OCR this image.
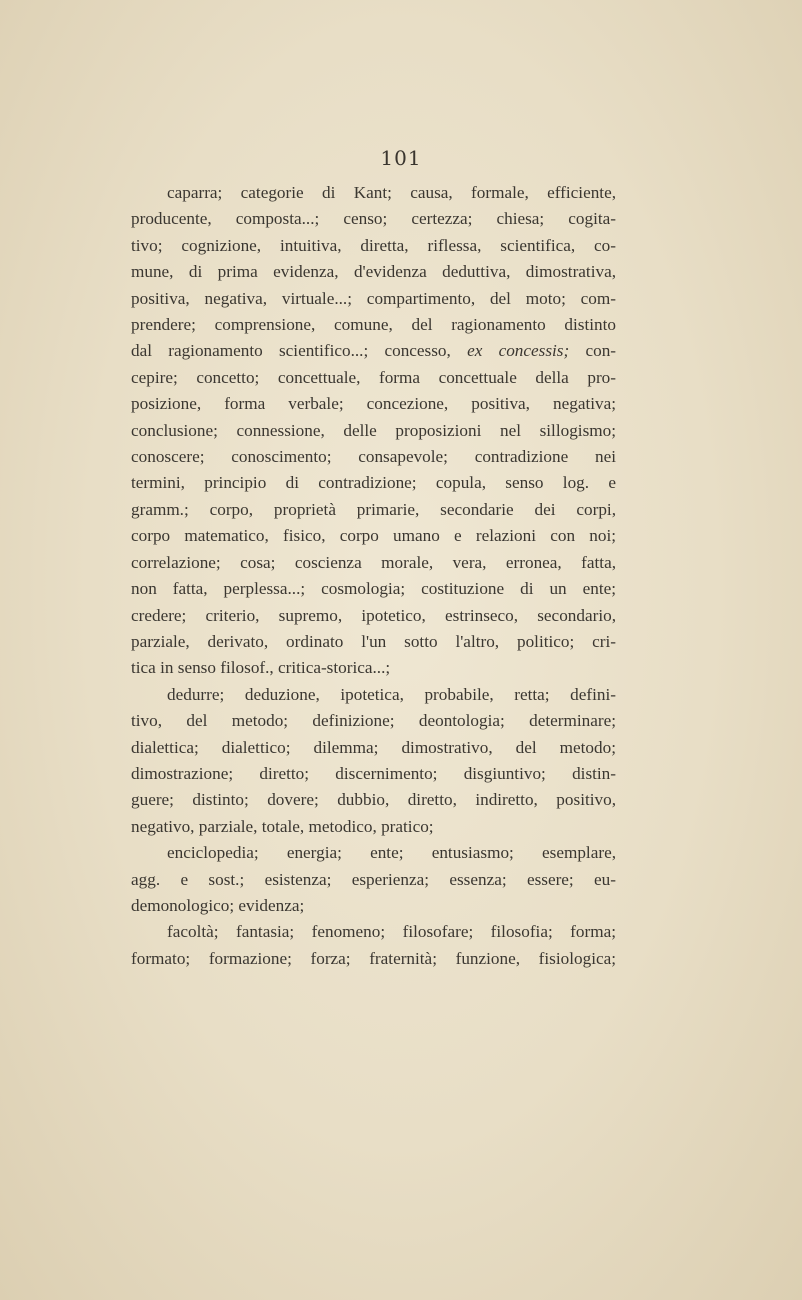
101
caparra; categorie di Kant; causa, formale, efficiente,
producente, composta...; censo; certezza; chiesa; cogita-
tivo; cognizione, intuitiva, diretta, riflessa, scientifica, co-
mune, di prima evidenza, d'evidenza deduttiva, dimostrativa,
positiva, negativa, virtuale...; compartimento, del moto; com-
prendere; comprensione, comune, del ragionamento distinto
dal ragionamento scientifico...; concesso, ex concessis; con-
cepire; concetto; concettuale, forma concettuale della pro-
posizione, forma verbale; concezione, positiva, negativa;
conclusione; connessione, delle proposizioni nel sillogismo;
conoscere; conoscimento; consapevole; contradizione nei
termini, principio di contradizione; copula, senso log. e
gramm.; corpo, proprietà primarie, secondarie dei corpi,
corpo matematico, fisico, corpo umano e relazioni con noi;
correlazione; cosa; coscienza morale, vera, erronea, fatta,
non fatta, perplessa...; cosmologia; costituzione di un ente;
credere; criterio, supremo, ipotetico, estrinseco, secondario,
parziale, derivato, ordinato l'un sotto l'altro, politico; cri-
tica in senso filosof., critica-storica...;
dedurre; deduzione, ipotetica, probabile, retta; defini-
tivo, del metodo; definizione; deontologia; determinare;
dialettica; dialettico; dilemma; dimostrativo, del metodo;
dimostrazione; diretto; discernimento; disgiuntivo; distin-
guere; distinto; dovere; dubbio, diretto, indiretto, positivo,
negativo, parziale, totale, metodico, pratico;
enciclopedia; energia; ente; entusiasmo; esemplare,
agg. e sost.; esistenza; esperienza; essenza; essere; eu-
demonologico; evidenza;
facoltà; fantasia; fenomeno; filosofare; filosofia; forma;
formato; formazione; forza; fraternità; funzione, fisiologica;
